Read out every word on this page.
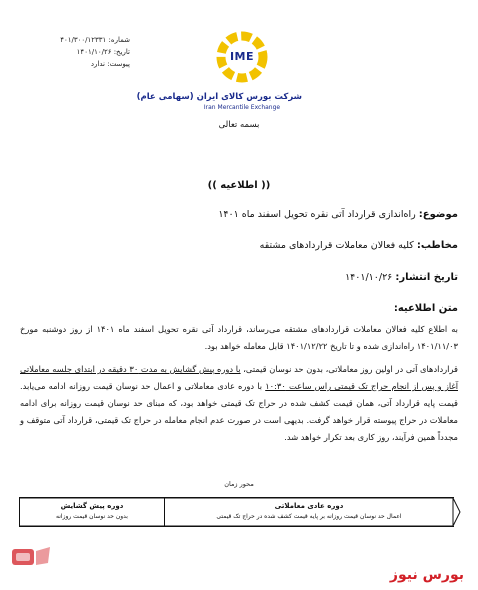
شماره: ۴۰۱/۳۰۰/۱۲۳۳۱
تاریخ: ۱۴۰۱/۱۰/۲۶
پیوست: ندارد
IME
شرکت بورس کالای ایران (سهامی عام)
Iran Mercantile Exchange
بسمه تعالی
(( اطلاعیه ))
موضوع: راه‌اندازی قرارداد آتی نقره تحویل اسفند ماه ۱۴۰۱
مخاطب: کلیه فعالان معاملات قراردادهای مشتقه
تاریخ انتشار: ۱۴۰۱/۱۰/۲۶
متن اطلاعیه:

به اطلاع کلیه فعالان معاملات قراردادهای مشتقه می‌رساند، قرارداد آتی نقره تحویل اسفند ماه ۱۴۰۱ از روز دوشنبه مورخ ۱۴۰۱/۱۱/۰۳ راه‌اندازی شده و تا تاریخ ۱۴۰۱/۱۲/۲۲ قابل معامله خواهد بود.

قراردادهای آتی در اولین روز معاملاتی، بدون حد نوسان قیمتی، با دوره پیش گشایش به مدت ۳۰ دقیقه در ابتدای جلسه معاملاتی آغاز و پس از انجام حراج تک قیمتی راس ساعت ۱۰:۳۰ با دوره عادی معاملاتی و اعمال حد نوسان قیمت روزانه ادامه می‌یابد. قیمت پایه قرارداد آتی، همان قیمت کشف شده در حراج تک قیمتی خواهد بود، که مبنای حد نوسان قیمت روزانه برای ادامه معاملات در حراج پیوسته قرار خواهد گرفت. بدیهی است در صورت عدم انجام معامله در حراج تک قیمتی، قرارداد آتی متوقف و مجدداً همین فرآیند، روز کاری بعد تکرار خواهد شد.

محور زمان
دوره پیش گشایش
بدون حد نوسان قیمت روزانه
دوره عادی معاملاتی
اعمال حد نوسان قیمت روزانه بر پایه قیمت کشف شده در حراج تک قیمتی
بورس نیوز
